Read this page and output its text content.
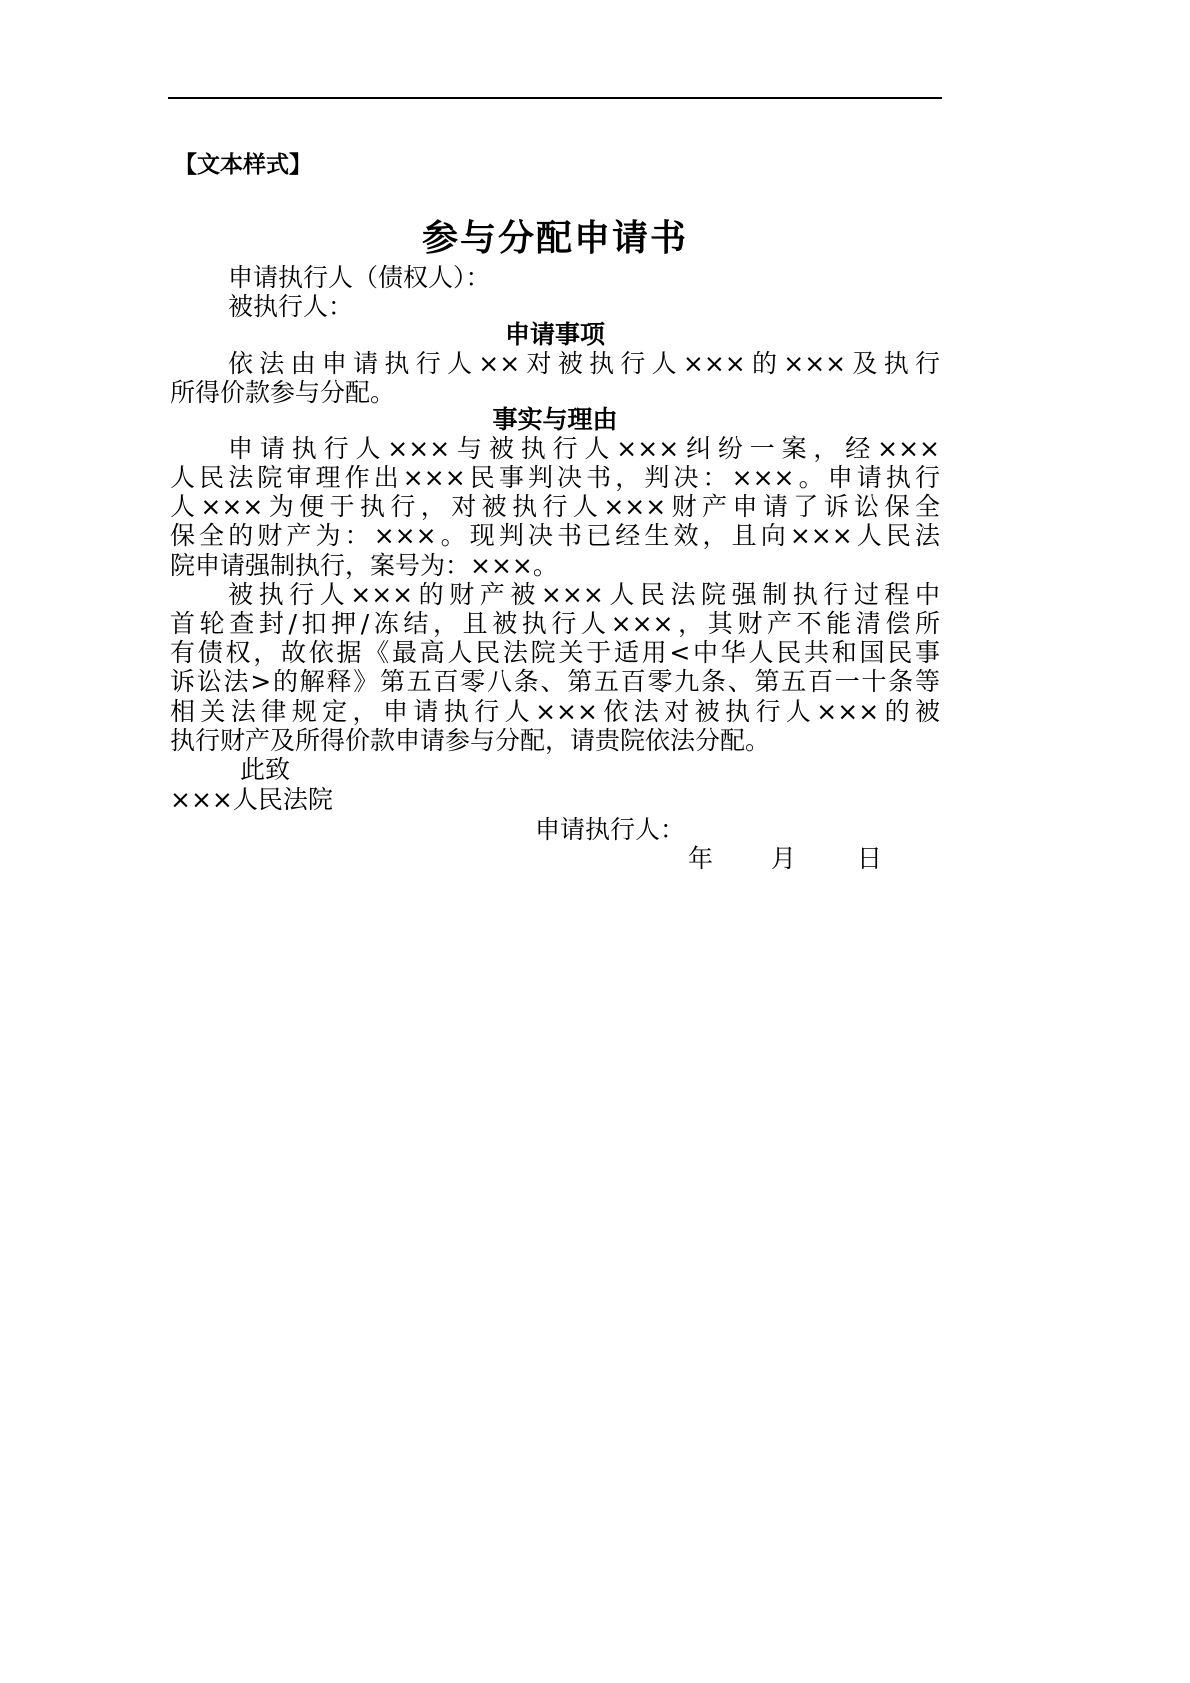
【文本样式】
参与分配申请书
申请执行人（债权人）：
被执行人：
申请事项
依法由申请执行人××对被执行人×××的×××及执行
所得价款参与分配。
事实与理由
申请执行人×××与被执行人×××纠纷一案，经×××
人民法院审理作出×××民事判决书，判决：×××。申请执行
人×××为便于执行，对被执行人×××财产申请了诉讼保全
保全的财产为：×××。现判决书已经生效，且向×××人民法
院申请强制执行，案号为：×××。
被执行人×××的财产被×××人民法院强制执行过程中
首轮查封/扣押/冻结，且被执行人×××，其财产不能清偿所
有债权，故依据《最高人民法院关于适用<中华人民共和国民事
诉讼法>的解释》第五百零八条、第五百零九条、第五百一十条等
相关法律规定，申请执行人×××依法对被执行人×××的被
执行财产及所得价款申请参与分配，请贵院依法分配。
此致
×××人民法院
申请执行人：
年	月	日
